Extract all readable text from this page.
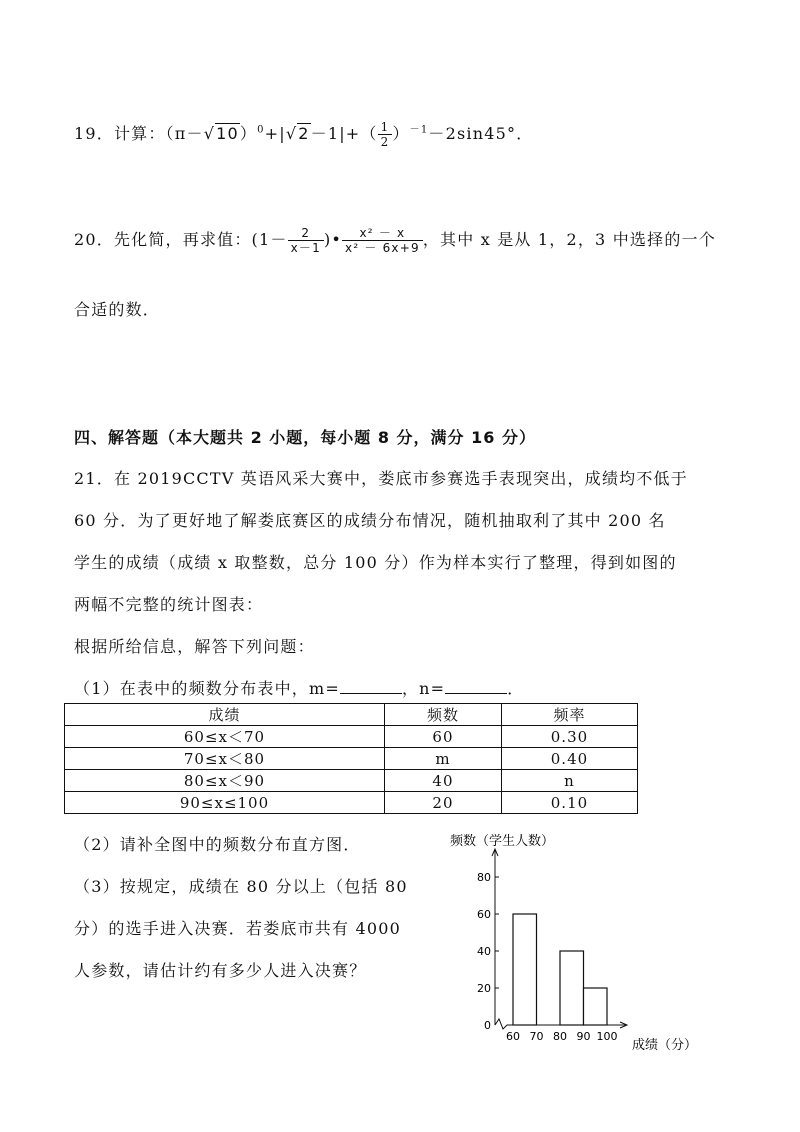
19．计算：$(\pi-√10)^0+|√2-1|+( \frac{1}{2} )^{-1}-2\sin 45^\circ$．
20．先化简，再求值：($1- \frac{2}{x-1}$ )• $\frac{\text{x² － x}}{\text{x² － 6x+9}}$ ，其中 x 是从 1，2，3 中选择的一个
合适的数．
四、解答题（本大题共 2 小题，每小题 8 分，满分 16 分）
21．在 2019CCTV 英语风采大赛中，娄底市参赛选手表现突出，成绩均不低于
60 分．为了更好地了解娄底赛区的成绩分布情况，随机抽取利了其中 200 名
学生的成绩（成绩 x 取整数，总分 100 分）作为样本实行了整理，得到如图的
两幅不完整的统计图表：
根据所给信息，解答下列问题：
（1）在表中的频数分布表中，m=	，n=	．
成绩	频数	频率
60≤x＜70	60	0.30
70≤x＜80	m	0.40
80≤x＜90	40	n
90≤x≤100	20	0.10
（2）请补全图中的频数分布直方图．
（3）按规定，成绩在 80 分以上（包括 80
分）的选手进入决赛．若娄底市共有 4000
人参数，请估计约有多少人进入决赛？
频数（学生人数）
成绩（分）
0
20
40
60
80
60 70 80 90 100
